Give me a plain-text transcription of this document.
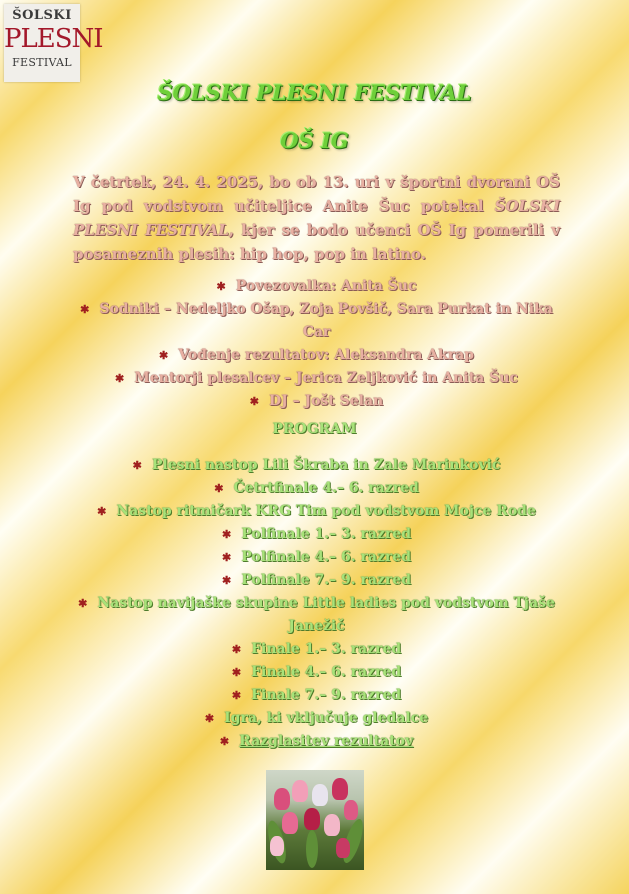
ŠOLSKI
PLESNI
FESTIVAL
ŠOLSKI PLESNI FESTIVAL
OŠ IG
V četrtek, 24. 4. 2025, bo ob 13. uri v športni dvorani OŠ Ig pod vodstvom učiteljice Anite Šuc potekal ŠOLSKI PLESNI FESTIVAL, kjer se bodo učenci OŠ Ig pomerili v posameznih plesih: hip hop, pop in latino.
✱ Povezovalka: Anita Šuc
✱ Sodniki – Nedeljko Ošap, Zoja Povšič, Sara Purkat in Nika Car
✱ Vođenje rezultatov: Aleksandra Akrap
✱ Mentorji plesalcev – Jerica Zeljković in Anita Šuc
✱ DJ – Jošt Selan
PROGRAM
✱ Plesni nastop Lili Škraba in Zale Marinković
✱ Četrtfinale 4.– 6. razred
✱ Nastop ritmičark KRG Tim pod vodstvom Mojce Rode
✱ Polfinale 1.– 3. razred
✱ Polfinale 4.– 6. razred
✱ Polfinale 7.– 9. razred
✱ Nastop navijaške skupine Little ladies pod vodstvom Tjaše Janežič
✱ Finale 1.– 3. razred
✱ Finale 4.– 6. razred
✱ Finale 7.– 9. razred
✱ Igra, ki vključuje gledalce
✱ Razglasitev rezultatov
